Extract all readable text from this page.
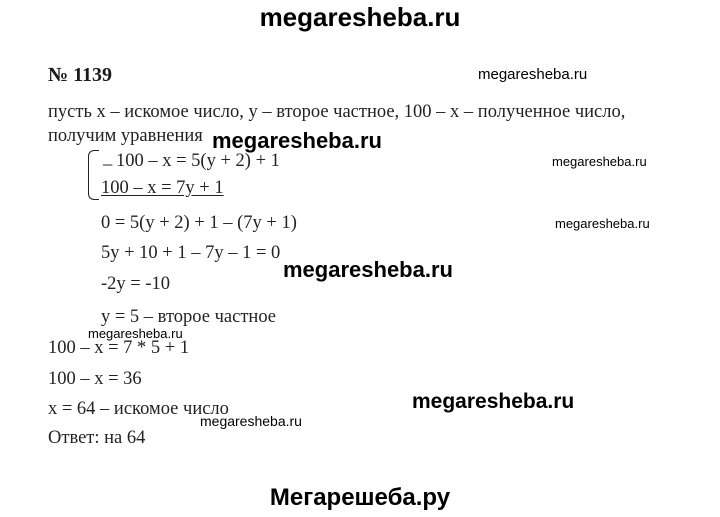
megaresheba.ru
№ 1139	megaresheba.ru
пусть x – искомое число, y – второе частное, 100 – x – полученное число,
получим уравнения megaresheba.ru
_ 100 – x = 5(y + 2) + 1
100 – x = 7y + 1
megaresheba.ru
0 = 5(y + 2) + 1 – (7y + 1)	megaresheba.ru
5y + 10 + 1 – 7y – 1 = 0
megaresheba.ru
-2y = -10
y = 5 – второе частное
megaresheba.ru
100 – x = 7 * 5 + 1
100 – x = 36
megaresheba.ru
x = 64 – искомое число
megaresheba.ru
Ответ: на 64
Мегарешеба.ру
